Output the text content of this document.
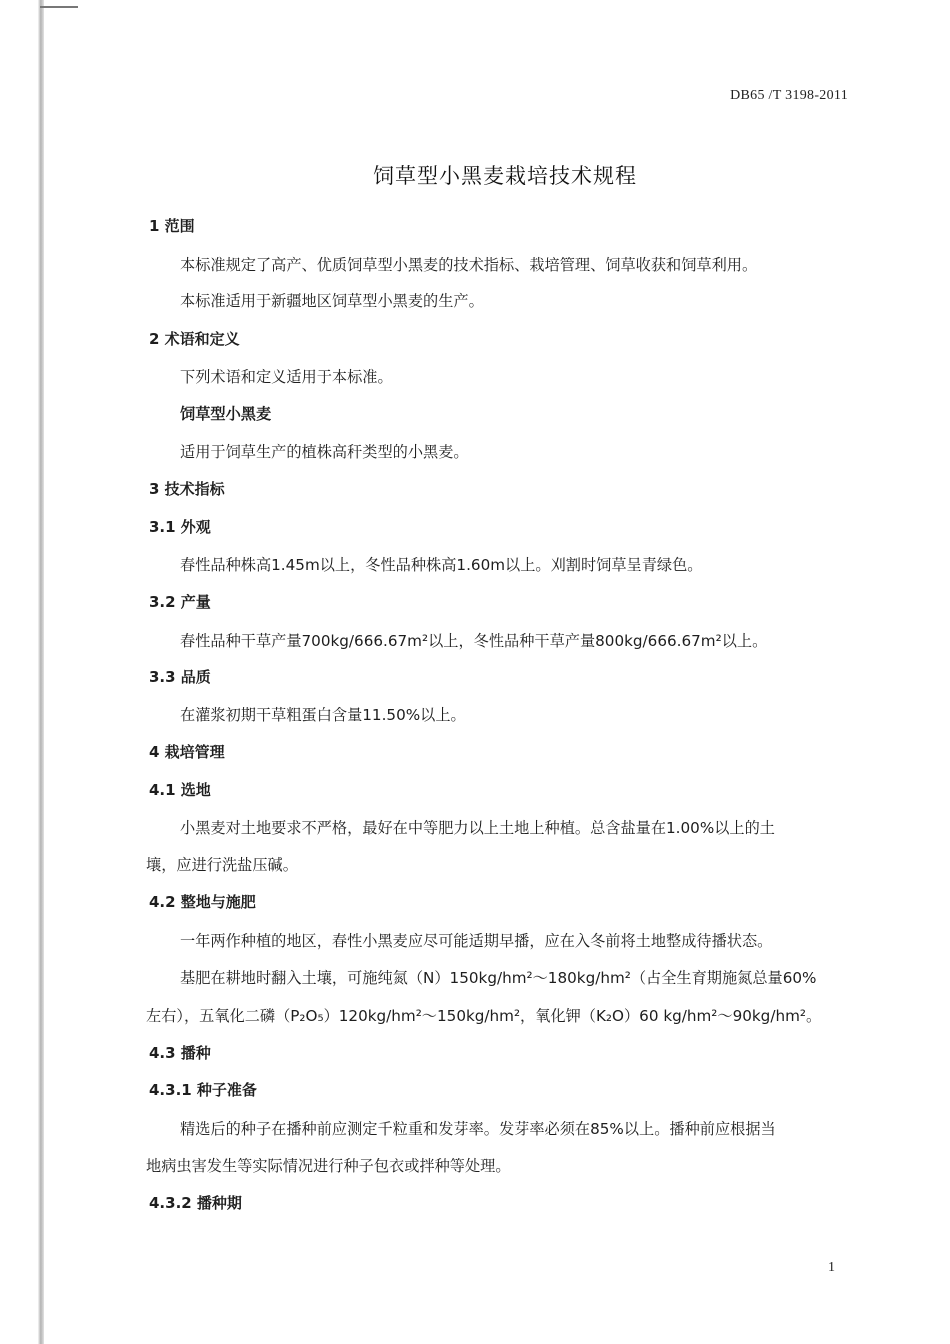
DB65 /T 3198-2011
饲草型小黑麦栽培技术规程
1 范围
本标准规定了高产、优质饲草型小黑麦的技术指标、栽培管理、饲草收获和饲草利用。
本标准适用于新疆地区饲草型小黑麦的生产。
2 术语和定义
下列术语和定义适用于本标准。
饲草型小黑麦
适用于饲草生产的植株高秆类型的小黑麦。
3 技术指标
3.1 外观
春性品种株高1.45m以上，冬性品种株高1.60m以上。刈割时饲草呈青绿色。
3.2 产量
春性品种干草产量700kg/666.67m²以上，冬性品种干草产量800kg/666.67m²以上。
3.3 品质
在灌浆初期干草粗蛋白含量11.50%以上。
4 栽培管理
4.1 选地
小黑麦对土地要求不严格，最好在中等肥力以上土地上种植。总含盐量在1.00%以上的土
壤，应进行洗盐压碱。
4.2 整地与施肥
一年两作种植的地区，春性小黑麦应尽可能适期早播，应在入冬前将土地整成待播状态。
基肥在耕地时翻入土壤，可施纯氮（N）150kg/hm²～180kg/hm²（占全生育期施氮总量60%
左右），五氧化二磷（P₂O₅）120kg/hm²～150kg/hm²，氧化钾（K₂O）60 kg/hm²～90kg/hm²。
4.3 播种
4.3.1 种子准备
精选后的种子在播种前应测定千粒重和发芽率。发芽率必须在85%以上。播种前应根据当
地病虫害发生等实际情况进行种子包衣或拌种等处理。
4.3.2 播种期
1
